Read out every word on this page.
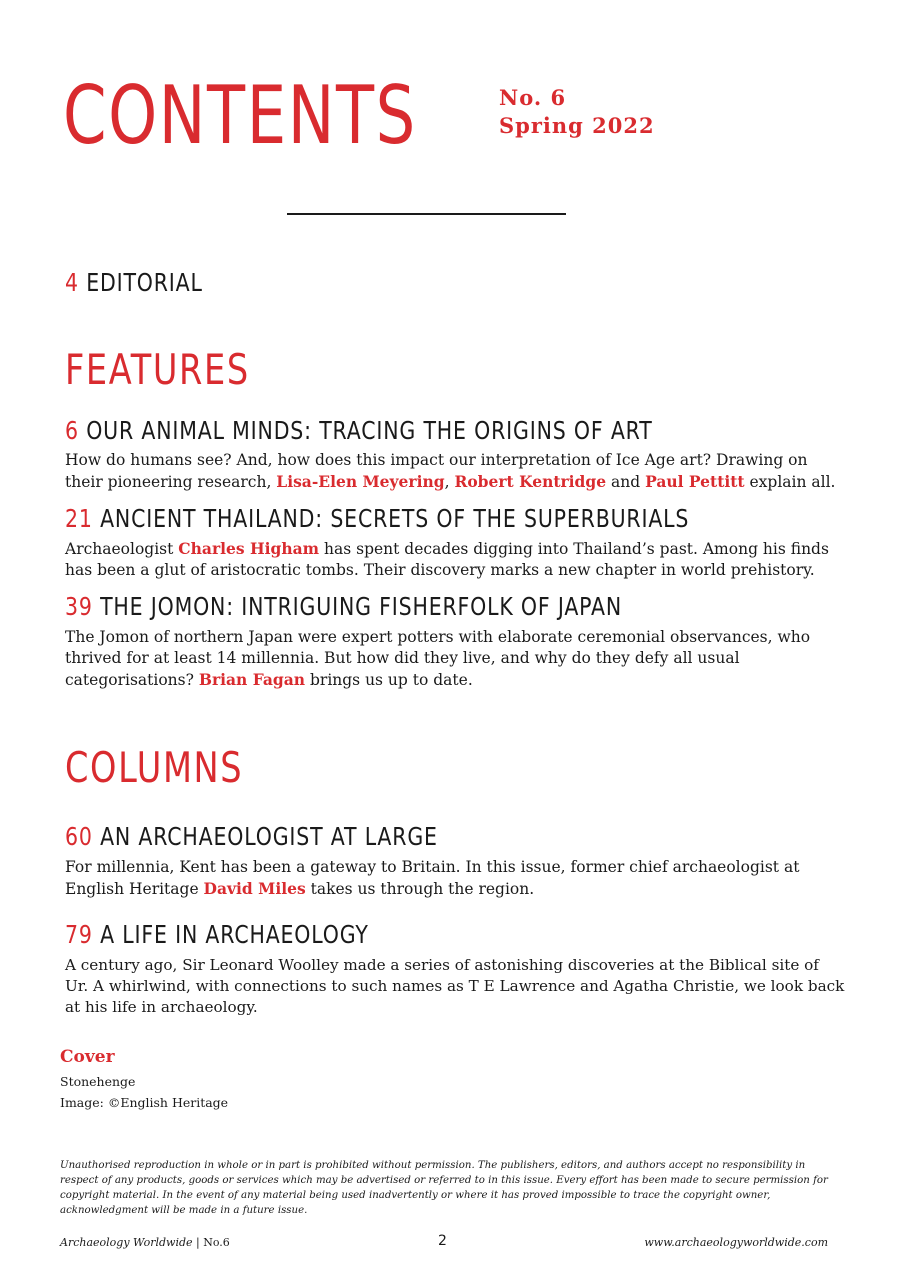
CONTENTS	No. 6
Spring 2022
4 EDITORIAL
FEATURES
6 OUR ANIMAL MINDS: TRACING THE ORIGINS OF ART

How do humans see? And, how does this impact our interpretation of Ice Age art? Drawing on their pioneering research, Lisa-Elen Meyering, Robert Kentridge and Paul Pettitt explain all.

21 ANCIENT THAILAND: SECRETS OF THE SUPERBURIALS

Archaeologist Charles Higham has spent decades digging into Thailand’s past. Among his finds has been a glut of aristocratic tombs. Their discovery marks a new chapter in world prehistory.

39 THE JOMON: INTRIGUING FISHERFOLK OF JAPAN

The Jomon of northern Japan were expert potters with elaborate ceremonial observances, who thrived for at least 14 millennia. But how did they live, and why do they defy all usual categorisations? Brian Fagan brings us up to date.

COLUMNS
60 AN ARCHAEOLOGIST AT LARGE

For millennia, Kent has been a gateway to Britain. In this issue, former chief archaeologist at English Heritage David Miles takes us through the region.

79 A LIFE IN ARCHAEOLOGY

A century ago, Sir Leonard Woolley made a series of astonishing discoveries at the Biblical site of Ur. A whirlwind, with connections to such names as T E Lawrence and Agatha Christie, we look back at his life in archaeology.

Cover
Stonehenge
Image: ©English Heritage

Unauthorised reproduction in whole or in part is prohibited without permission. The publishers, editors, and authors accept no responsibility in respect of any products, goods or services which may be advertised or referred to in this issue. Every effort has been made to secure permission for copyright material. In the event of any material being used inadvertently or where it has proved impossible to trace the copyright owner, acknowledgment will be made in a future issue.

Archaeology Worldwide | No.6	2	www.archaeologyworldwide.com
